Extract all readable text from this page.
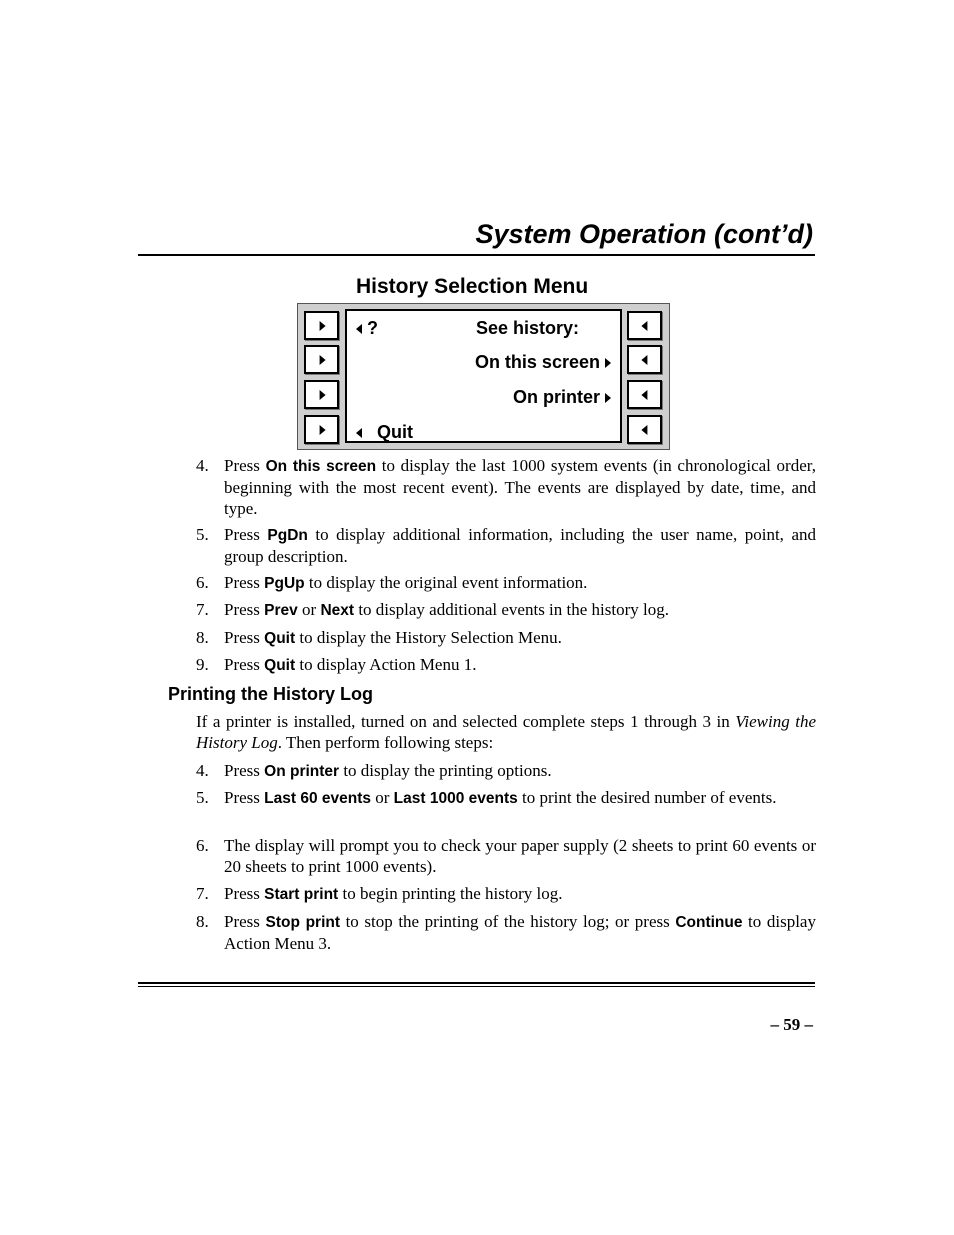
System Operation (cont’d)
History Selection Menu
?	See history:
On this screen
On printer
Quit
4. Press On this screen to display the last 1000 system events (in chronological order, beginning with the most recent event). The events are displayed by date, time, and type.
5. Press PgDn to display additional information, including the user name, point, and group description.
6. Press PgUp to display the original event information.
7. Press Prev or Next to display additional events in the history log.
8. Press Quit to display the History Selection Menu.
9. Press Quit to display Action Menu 1.
Printing the History Log
If a printer is installed, turned on and selected complete steps 1 through 3 in Viewing the History Log. Then perform following steps:
4. Press On printer to display the printing options.
5. Press Last 60 events or Last 1000 events to print the desired number of events.
6. The display will prompt you to check your paper supply (2 sheets to print 60 events or 20 sheets to print 1000 events).
7. Press Start print to begin printing the history log.
8. Press Stop print to stop the printing of the history log; or press Continue to display Action Menu 3.
– 59 –
